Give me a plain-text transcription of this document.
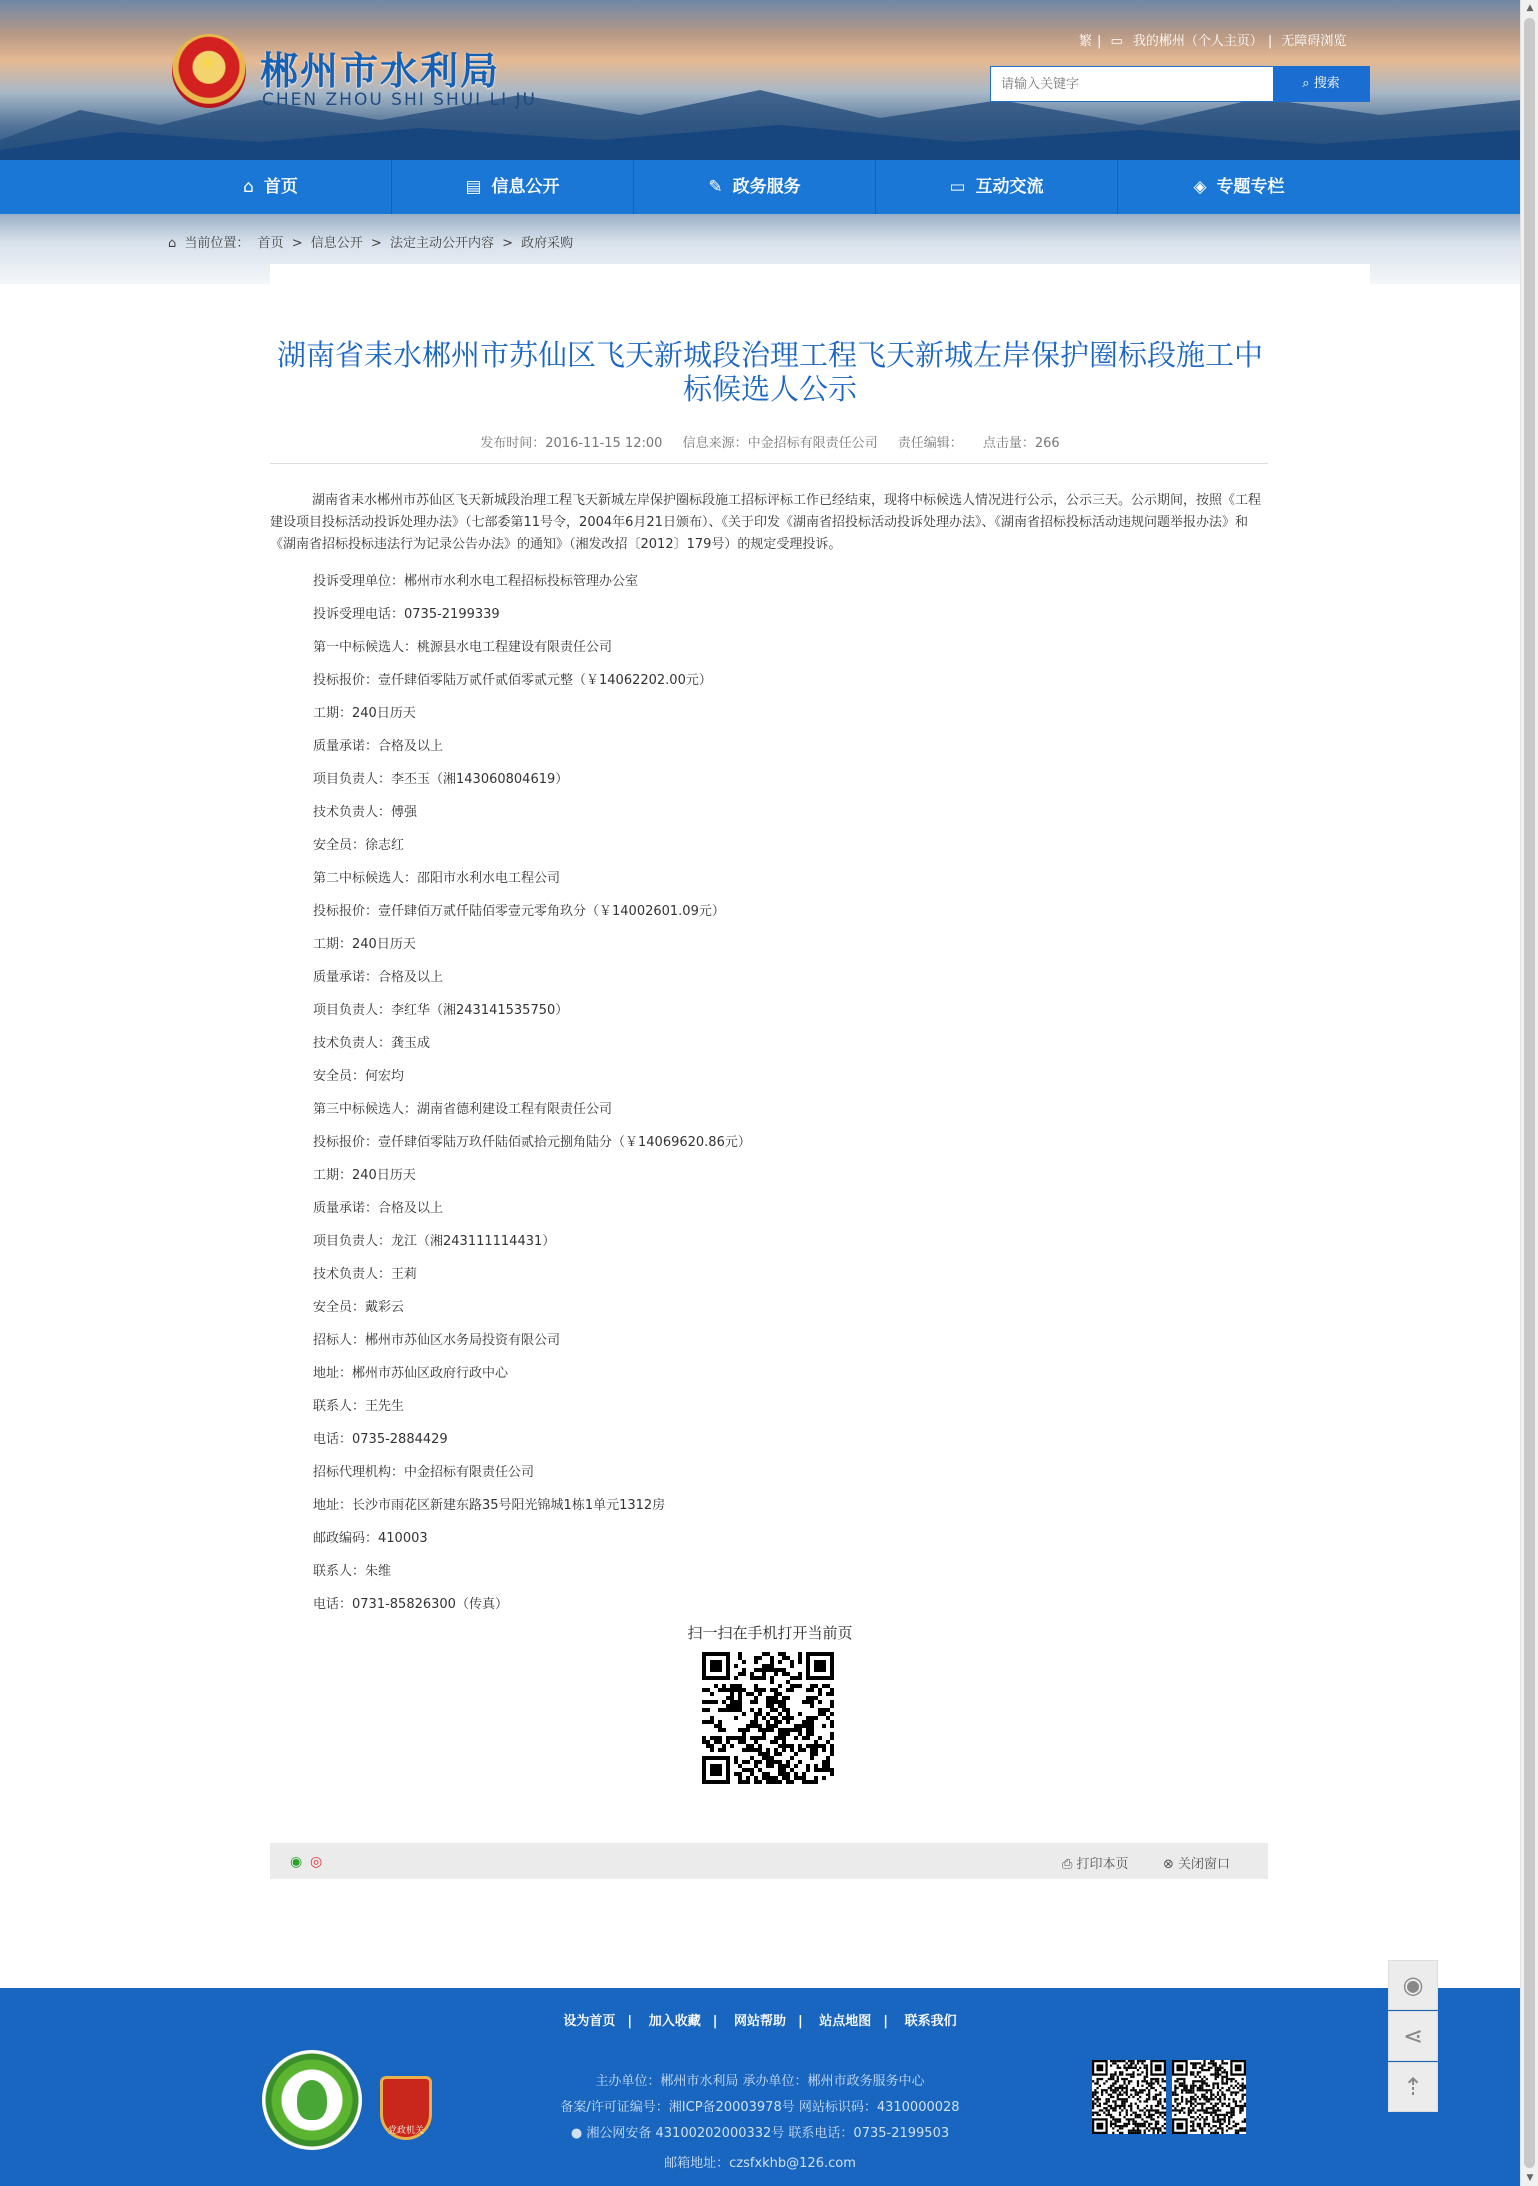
★ 郴州市水利局
CHEN ZHOU SHI SHUI LI JU
繁 | ▭ 我的郴州（个人主页） | 无障碍浏览
请输入关键字
⌕ 搜索
⌂ 首页	▤ 信息公开	✎ 政务服务	▭ 互动交流	◈ 专题专栏
⌂ 当前位置： 首页 > 信息公开 > 法定主动公开内容 > 政府采购
湖南省耒水郴州市苏仙区飞天新城段治理工程飞天新城左岸保护圈标段施工中标候选人公示
发布时间：2016-11-15 12:00 信息来源：中金招标有限责任公司 责任编辑： 点击量：266
湖南省耒水郴州市苏仙区飞天新城段治理工程飞天新城左岸保护圈标段施工招标评标工作已经结束，现将中标候选人情况进行公示，公示三天。公示期间，按照《工程建设项目投标活动投诉处理办法》（七部委第11号令，2004年6月21日颁布）、《关于印发《湖南省招投标活动投诉处理办法》、《湖南省招标投标活动违规问题举报办法》和《湖南省招标投标违法行为记录公告办法》的通知》（湘发改招〔2012〕179号）的规定受理投诉。
投诉受理单位：郴州市水利水电工程招标投标管理办公室
投诉受理电话：0735-2199339
第一中标候选人：桃源县水电工程建设有限责任公司
投标报价：壹仟肆佰零陆万贰仟贰佰零贰元整（￥14062202.00元）
工期：240日历天
质量承诺：合格及以上
项目负责人：李丕玉（湘143060804619）
技术负责人：傅强
安全员：徐志红
第二中标候选人：邵阳市水利水电工程公司
投标报价：壹仟肆佰万贰仟陆佰零壹元零角玖分（￥14002601.09元）
工期：240日历天
质量承诺：合格及以上
项目负责人：李红华（湘243141535750）
技术负责人：龚玉成
安全员：何宏均
第三中标候选人：湖南省德利建设工程有限责任公司
投标报价：壹仟肆佰零陆万玖仟陆佰贰拾元捌角陆分（￥14069620.86元）
工期：240日历天
质量承诺：合格及以上
项目负责人：龙江（湘243111114431）
技术负责人：王莉
安全员：戴彩云
招标人：郴州市苏仙区水务局投资有限公司
地址：郴州市苏仙区政府行政中心
联系人：王先生
电话：0735-2884429
招标代理机构：中金招标有限责任公司
地址：长沙市雨花区新建东路35号阳光锦城1栋1单元1312房
邮政编码：410003
联系人：朱维
电话：0731-85826300（传真）
扫一扫在手机打开当前页
◉ ◎	⎙ 打印本页	⊗ 关闭窗口
设为首页 | 加入收藏 | 网站帮助 | 站点地图 | 联系我们
党政机关
主办单位：郴州市水利局 承办单位：郴州市政务服务中心
备案/许可证编号：湘ICP备20003978号 网站标识码：4310000028
● 湘公网安备 43100202000332号 联系电话：0735-2199503
邮箱地址：czsfxkhb@126.com
◉
⋖
⇡
▲
▼
